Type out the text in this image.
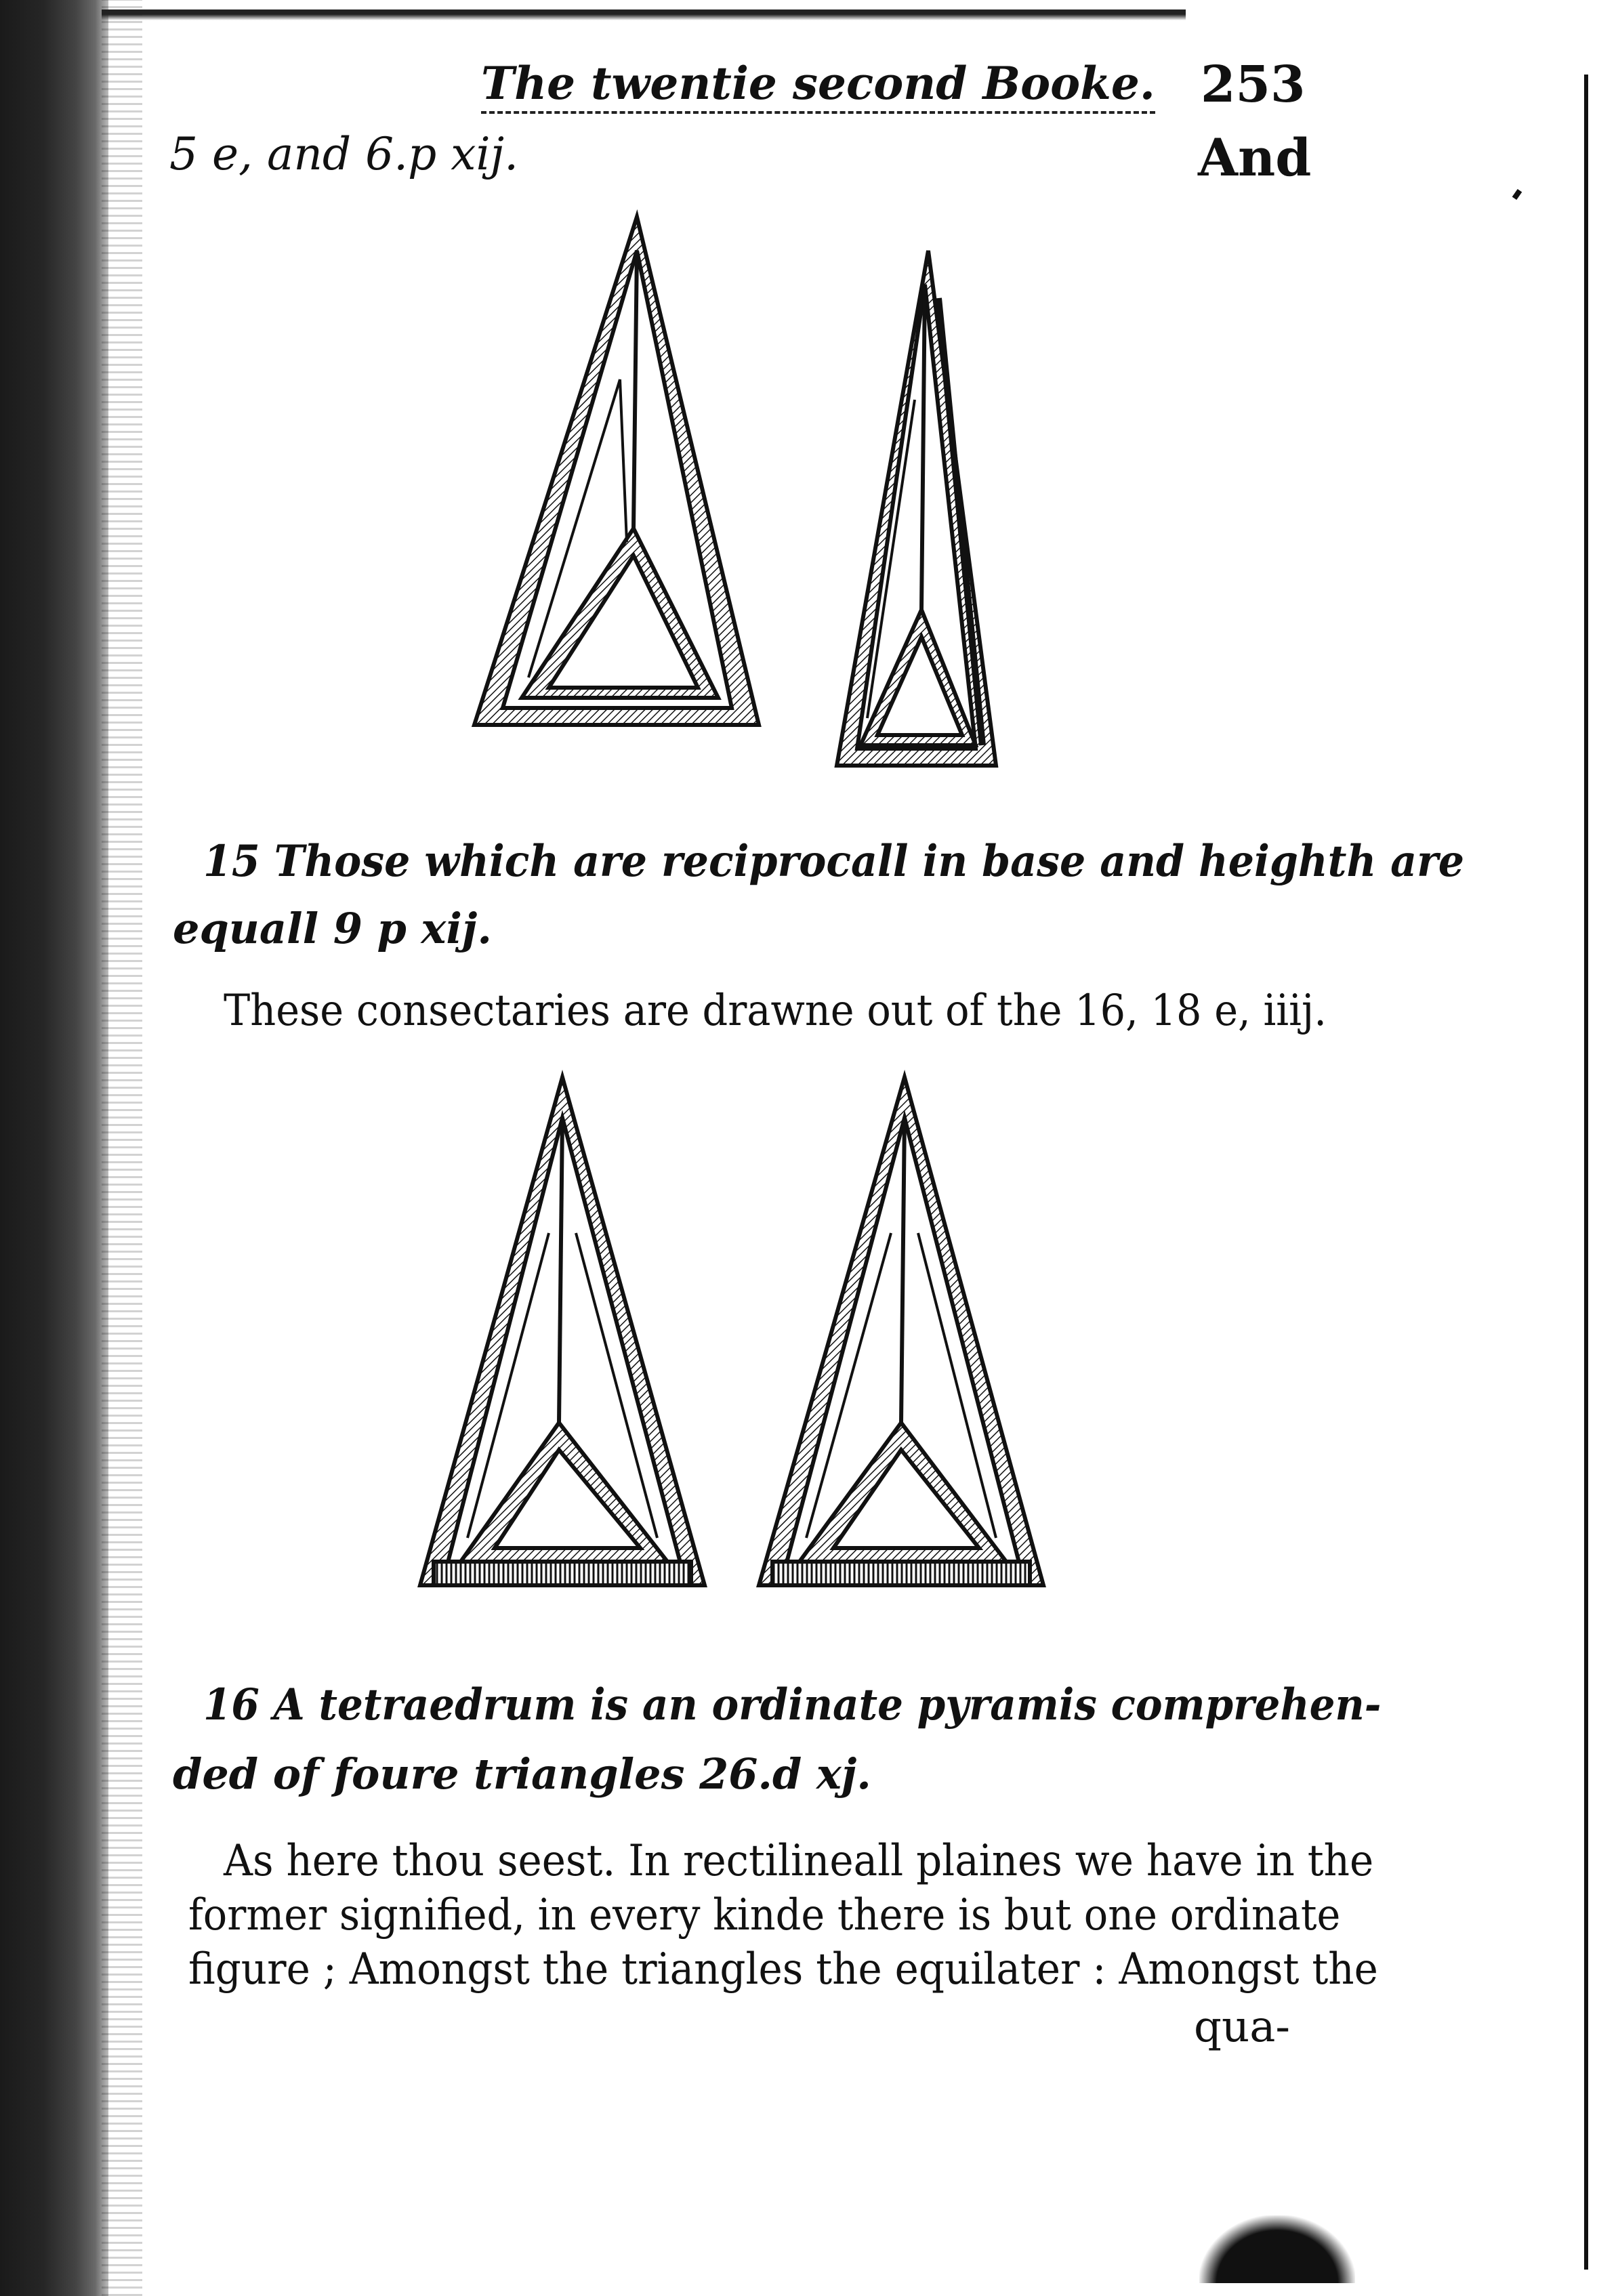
The twentie second Booke. 253
5 e, and 6.p xij.	And
15 Those which are reciprocall in base and heighth are
equall 9 p xij.
These consectaries are drawne out of the 16, 18 e, iiij.
16 A tetraedrum is an ordinate pyramis comprehen-
ded of foure triangles 26.d xj.
As here thou seest. In rectilineall plaines we have in the
former signified, in every kinde there is but one ordinate
figure ; Amongst the triangles the equilater : Amongst the
qua-
